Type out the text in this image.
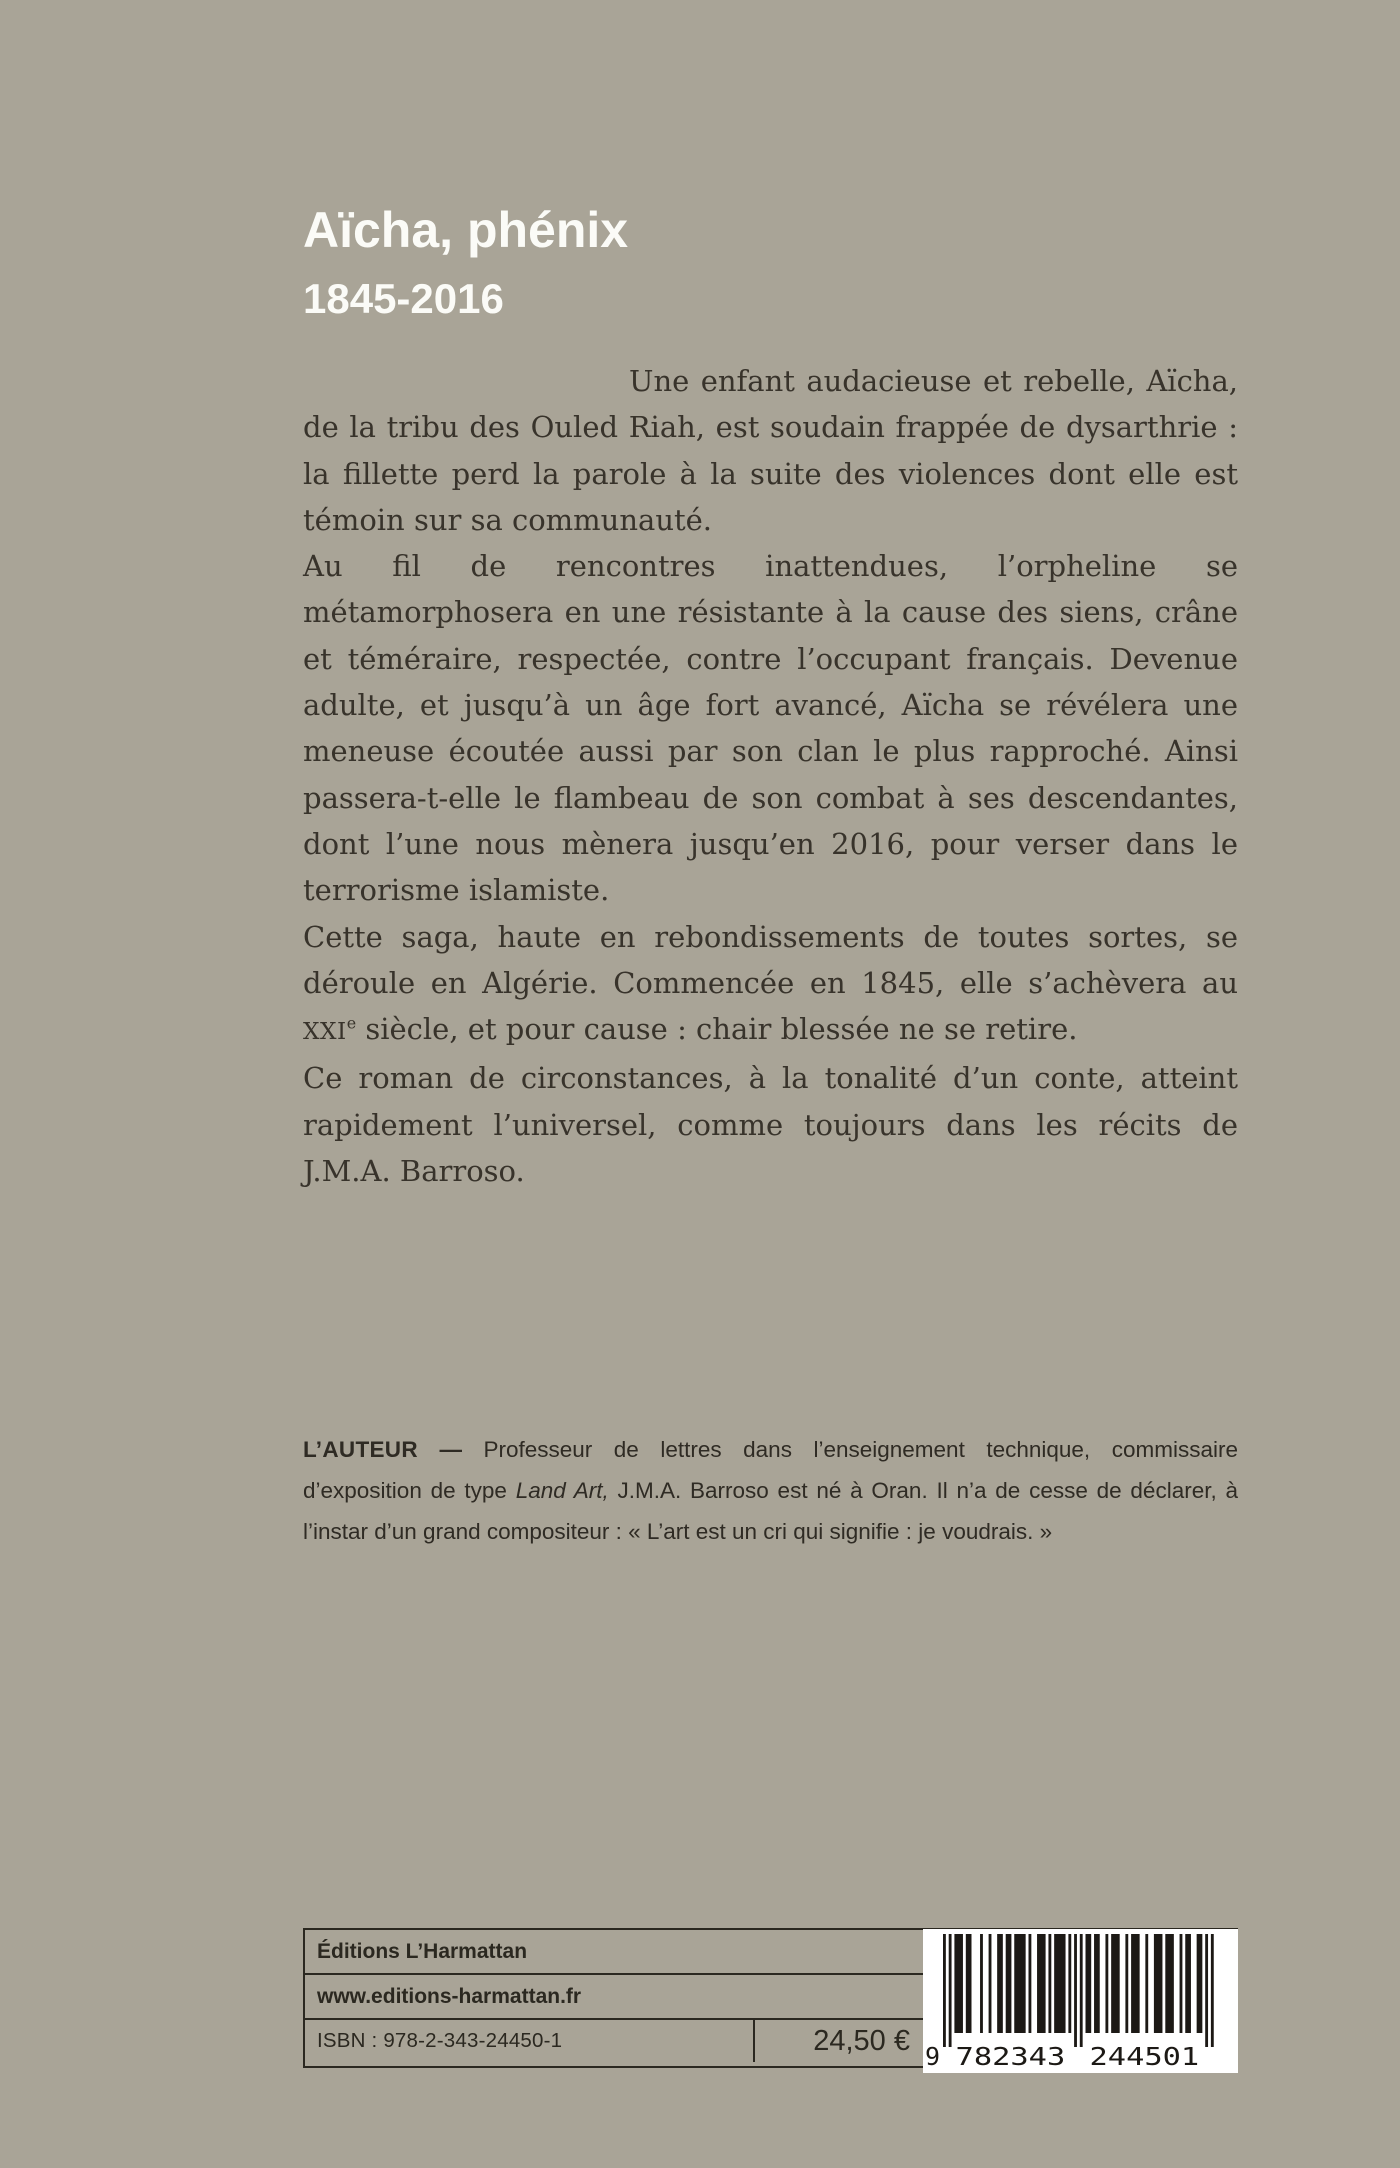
Aïcha, phénix
1845-2016

Une enfant audacieuse et rebelle, Aïcha, de la tribu des Ouled Riah, est soudain frappée de dysarthrie : la fillette perd la parole à la suite des violences dont elle est témoin sur sa communauté.

Au fil de rencontres inattendues, l’orpheline se métamorphosera en une résistante à la cause des siens, crâne et téméraire, respectée, contre l’occupant français. Devenue adulte, et jusqu’à un âge fort avancé, Aïcha se révélera une meneuse écoutée aussi par son clan le plus rapproché. Ainsi passera-t-elle le flambeau de son combat à ses descendantes, dont l’une nous mènera jusqu’en 2016, pour verser dans le terrorisme islamiste.

Cette saga, haute en rebondissements de toutes sortes, se déroule en Algérie. Commencée en 1845, elle s’achèvera au XXIe siècle, et pour cause : chair blessée ne se retire.

Ce roman de circonstances, à la tonalité d’un conte, atteint rapidement l’universel, comme toujours dans les récits de J.M.A. Barroso.

L’AUTEUR — Professeur de lettres dans l’enseignement technique, commissaire d’exposition de type Land Art, J.M.A. Barroso est né à Oran. Il n’a de cesse de déclarer, à l’instar d’un grand compositeur : « L’art est un cri qui signifie : je voudrais. »
Éditions L’Harmattan
www.editions-harmattan.fr
ISBN : 978-2-343-24450-1	24,50 € 9 782343 244501
